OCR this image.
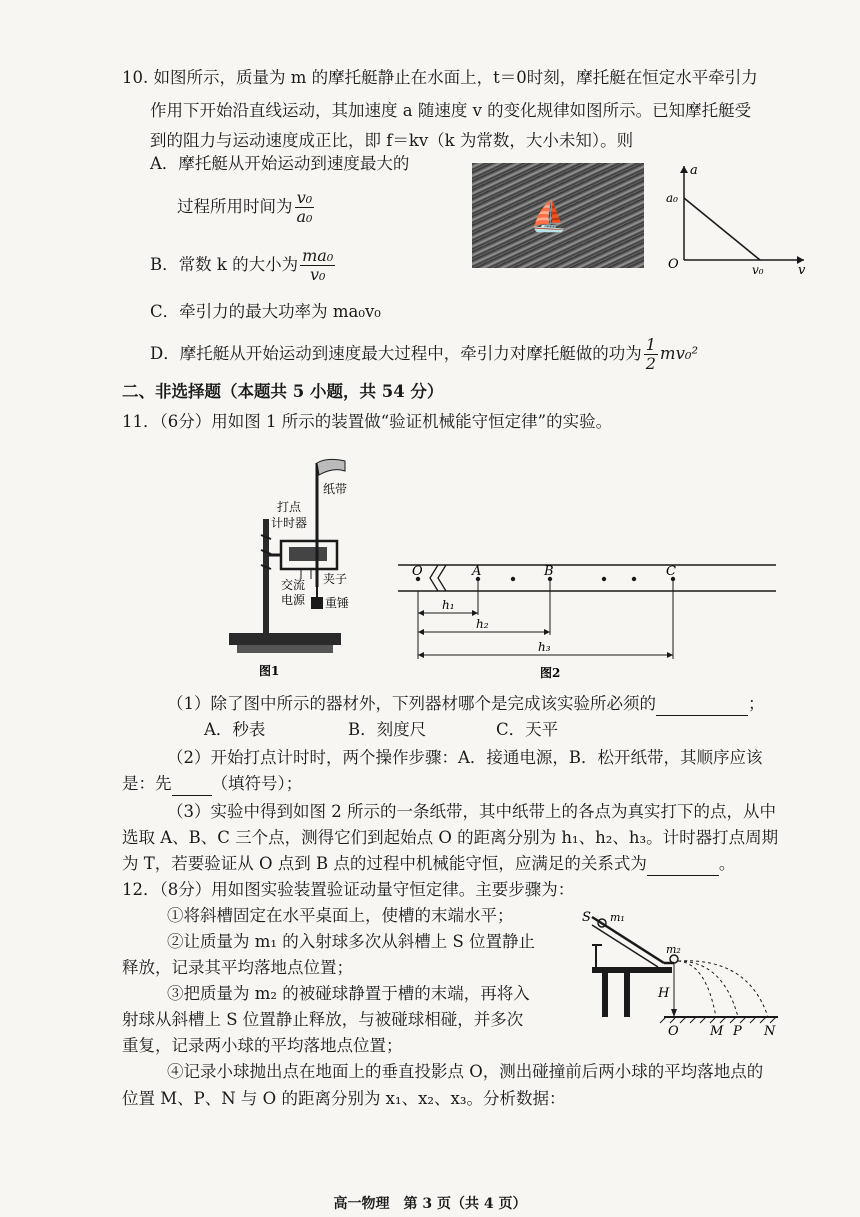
10. 如图所示，质量为 m 的摩托艇静止在水面上，t＝0时刻，摩托艇在恒定水平牵引力
作用下开始沿直线运动，其加速度 a 随速度 v 的变化规律如图所示。已知摩托艇受
到的阻力与运动速度成正比，即 f＝kv（k 为常数，大小未知）。则
A．摩托艇从开始运动到速度最大的
过程所用时间为 $\frac{\text{v₀}}{\text{a₀}}$
B．常数 k 的大小为 $\frac{\text{ma₀}}{\text{v₀}}$
C．牵引力的最大功率为 ma₀v₀
D．摩托艇从开始运动到速度最大过程中，牵引力对摩托艇做的功为 $\frac{1}{2} mv_0^2$
⛵
a
a₀
O	v₀	v
二、非选择题（本题共 5 小题，共 54 分）
11．（6分）用如图 1 所示的装置做“验证机械能守恒定律”的实验。
纸带
打点
计时器
夹子
重锤
交流
电源
图1
O	A	B	C
h₁
h₂
h₃
图2
（1）除了图中所示的器材外，下列器材哪个是完成该实验所必须的	；
A．秒表	B．刻度尺	C．天平
（2）开始打点计时时，两个操作步骤：A．接通电源，B．松开纸带，其顺序应该
是：先 （填符号）；
（3）实验中得到如图 2 所示的一条纸带，其中纸带上的各点为真实打下的点，从中
选取 A、B、C 三个点，测得它们到起始点 O 的距离分别为 h₁、h₂、h₃。计时器打点周期
为 T，若要验证从 O 点到 B 点的过程中机械能守恒，应满足的关系式为	。
12．（8分）用如图实验装置验证动量守恒定律。主要步骤为：
①将斜槽固定在水平桌面上，使槽的末端水平；
②让质量为 m₁ 的入射球多次从斜槽上 S 位置静止
释放，记录其平均落地点位置；
③把质量为 m₂ 的被碰球静置于槽的末端，再将入
射球从斜槽上 S 位置静止释放，与被碰球相碰，并多次
重复，记录两小球的平均落地点位置；
④记录小球抛出点在地面上的垂直投影点 O，测出碰撞前后两小球的平均落地点的
位置 M、P、N 与 O 的距离分别为 x₁、x₂、x₃。分析数据：
S m₁
m₂
H
O M P N
高一物理　第 3 页（共 4 页）
